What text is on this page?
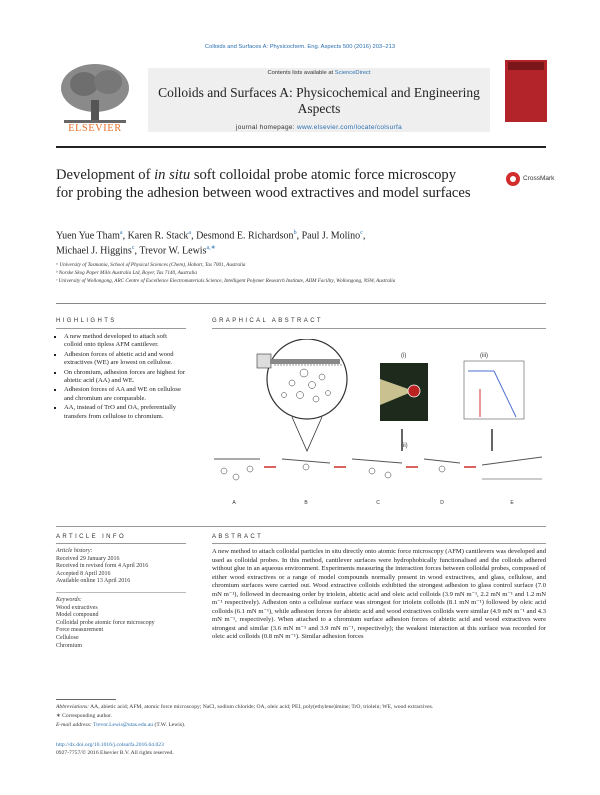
Colloids and Surfaces A: Physicochem. Eng. Aspects 500 (2016) 203–213
Contents lists available at ScienceDirect
Colloids and Surfaces A: Physicochemical and Engineering Aspects
journal homepage: www.elsevier.com/locate/colsurfa
ELSEVIER
Development of in situ soft colloidal probe atomic force microscopy for probing the adhesion between wood extractives and model surfaces
CrossMark
Yuen Yue Tham$^a$, Karen R. Stack$^a$, Desmond E. Richardson$^b$, Paul J. Molino$^c$,
Michael J. Higgins$^c$, Trevor W. Lewis$^{a,∗}$
ᵃ University of Tasmania, School of Physical Sciences (Chem), Hobart, Tas 7001, Australia
ᵇ Norske Skog Paper Mills Australia Ltd, Boyer, Tas 7140, Australia
ᶜ University of Wollongong, ARC Centre of Excellence Electromaterials Science, Intelligent Polymer Research Institute, AIIM Facility, Wollongong, NSW, Australia
HIGHLIGHTS
▪ A new method developed to attach soft colloid onto tipless AFM cantilever.
▪ Adhesion forces of abietic acid and wood extractives (WE) are lowest on cellulose.
▪ On chromium, adhesion forces are highest for abietic acid (AA) and WE.
▪ Adhesion forces of AA and WE on cellulose and chromium are comparable.
▪ AA, instead of TrO and OA, preferentially transfers from cellulose to chromium.
GRAPHICAL ABSTRACT
(i)	(iii)
A	B	C	D	E
(ii)
ARTICLE INFO
Article history:
Received 29 January 2016
Received in revised form 4 April 2016
Accepted 8 April 2016
Available online 13 April 2016
Keywords:
Wood extractives
Model compound
Colloidal probe atomic force microscopy
Force measurement
Cellulose
Chromium
ABSTRACT
A new method to attach colloidal particles in situ directly onto atomic force microscopy (AFM) cantilevers was developed and used as colloidal probes. In this method, cantilever surfaces were hydrophobically functionalised and the colloids adhered without glue in an aqueous environment. Experiments measuring the interaction forces between colloidal probes, composed of either wood extractives or a range of model compounds normally present in wood extractives, and glass, cellulose, and chromium surfaces were carried out. Wood extractive colloids exhibited the strongest adhesion to glass control surface (7.0 mN m⁻¹), followed in decreasing order by triolein, abietic acid and oleic acid colloids (3.9 mN m⁻¹, 2.2 mN m⁻¹ and 1.2 mN m⁻¹ respectively). Adhesion onto a cellulose surface was strongest for triolein colloids (8.1 mN m⁻¹) followed by oleic acid colloids (6.1 mN m⁻¹), while adhesion forces for abietic acid and wood extractives colloids were similar (4.9 mN m⁻¹ and 4.3 mN m⁻¹, respectively). When attached to a chromium surface adhesion forces of abietic acid and wood extractives were strongest and similar (3.6 mN m⁻¹ and 3.9 mN m⁻¹, respectively); the weakest interaction at this surface was recorded for oleic acid colloids (0.8 mN m⁻¹). Similar adhesion forces
Abbreviations: AA, abietic acid; AFM, atomic force microscopy; NaCl, sodium chloride; OA, oleic acid; PEI, poly(ethylene)imine; TrO, triolein; WE, wood extractives.
∗ Corresponding author.
E-mail address: Trevor.Lewis@utas.edu.au (T.W. Lewis).
http://dx.doi.org/10.1016/j.colsurfa.2016.04.023
0927-7757/© 2016 Elsevier B.V. All rights reserved.
